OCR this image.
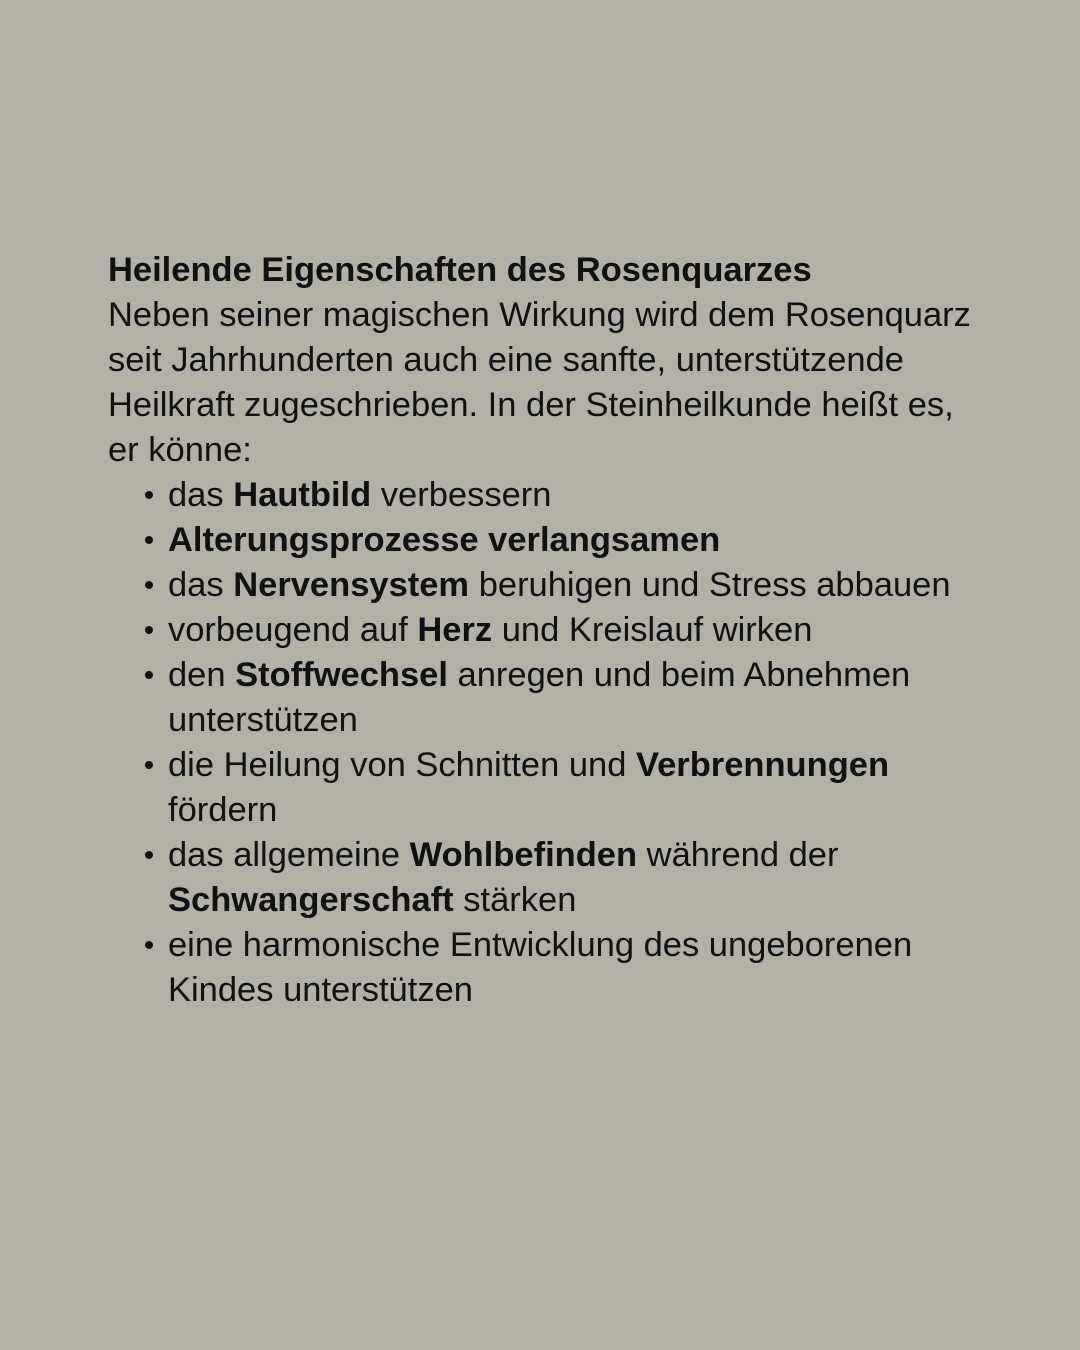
Heilende Eigenschaften des Rosenquarzes

Neben seiner magischen Wirkung wird dem Rosenquarz seit Jahrhunderten auch eine sanfte, unterstützende Heilkraft zugeschrieben. In der Steinheilkunde heißt es, er könne:

das Hautbild verbessern
Alterungsprozesse verlangsamen
das Nervensystem beruhigen und Stress abbauen
vorbeugend auf Herz und Kreislauf wirken
den Stoffwechsel anregen und beim Abnehmen unterstützen
die Heilung von Schnitten und Verbrennungen fördern
das allgemeine Wohlbefinden während der Schwangerschaft stärken
eine harmonische Entwicklung des ungeborenen Kindes unterstützen
